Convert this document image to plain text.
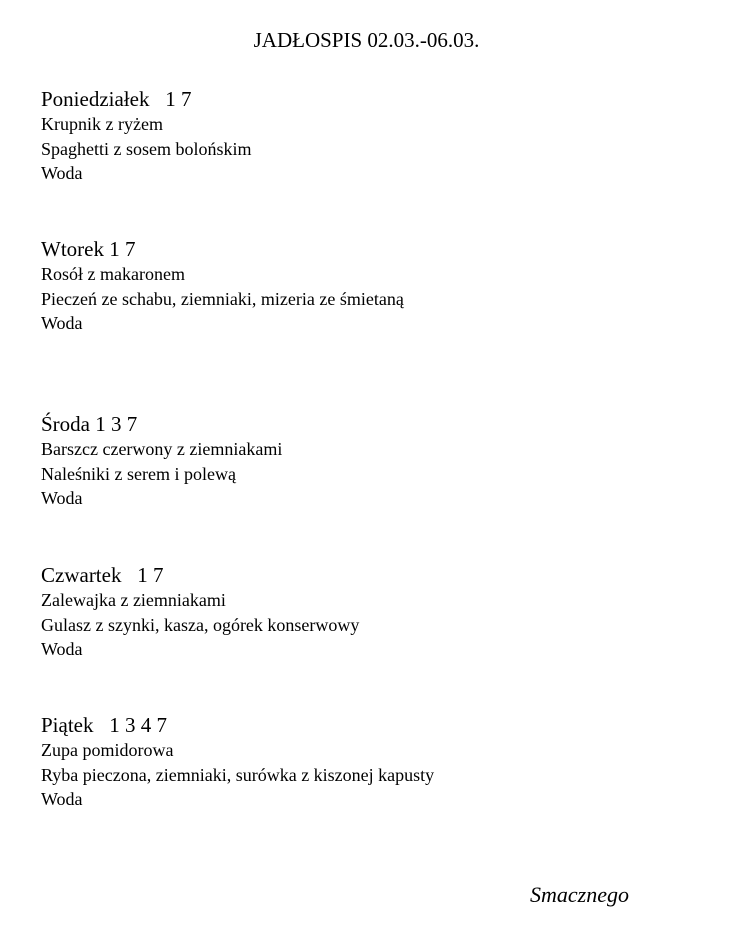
JADŁOSPIS 02.03.-06.03.
Poniedziałek   1 7
Krupnik z ryżem
Spaghetti z sosem bolońskim
Woda
Wtorek 1 7
Rosół z makaronem
Pieczeń ze schabu, ziemniaki, mizeria ze śmietaną
Woda
Środa 1 3 7
Barszcz czerwony z ziemniakami
Naleśniki z serem i polewą
Woda
Czwartek   1 7
Zalewajka z ziemniakami
Gulasz z szynki, kasza, ogórek konserwowy
Woda
Piątek   1 3 4 7
Zupa pomidorowa
Ryba pieczona, ziemniaki, surówka z kiszonej kapusty
Woda
Smacznego
